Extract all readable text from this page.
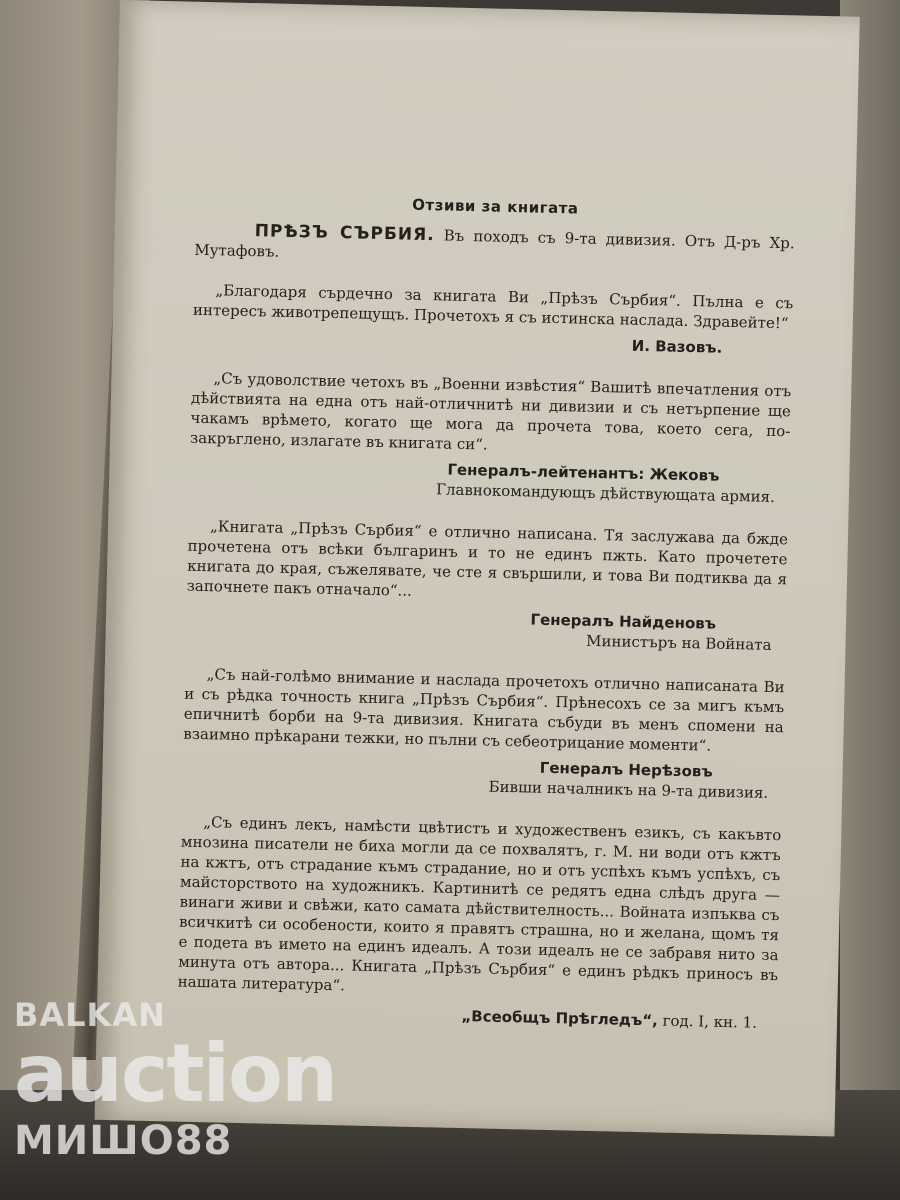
Отзиви за книгата

ПРѢЗЪ СЪРБИЯ. Въ походъ съ 9-та дивизия. Отъ Д-ръ Хр. Мутафовъ.

„Благодаря сърдечно за книгата Ви „Прѣзъ Сърбия“. Пълна е съ интересъ животрепещущъ. Прочетохъ я съ истинска наслада. Здравейте!“

И. Вазовъ.

„Съ удоволствие четохъ въ „Военни извѣстия“ Вашитѣ впечатления отъ дѣйствията на една отъ най-отличнитѣ ни дивизии и съ нетърпение ще чакамъ врѣмето, когато ще мога да прочета това, което сега, по-закръглено, излагате въ книгата си“.

Генералъ-лейтенантъ: Жековъ
Главнокомандующъ дѣйствующата армия.

„Книгата „Прѣзъ Сърбия“ е отлично написана. Тя заслужава да бжде прочетена отъ всѣки българинъ и то не единъ пжть. Като прочетете книгата до края, съжелявате, че сте я свършили, и това Ви подтиква да я започнете пакъ отначало“...

Генералъ Найденовъ
Министъръ на Войната

„Съ най-голѣмо внимание и наслада прочетохъ отлично написаната Ви и съ рѣдка точность книга „Прѣзъ Сърбия“. Прѣнесохъ се за мигъ къмъ епичнитѣ борби на 9-та дивизия. Книгата събуди въ менъ спомени на взаимно прѣкарани тежки, но пълни съ себеотрицание моменти“.

Генералъ Нерѣзовъ
Бивши началникъ на 9-та дивизия.

„Съ единъ лекъ, намѣсти цвѣтистъ и художественъ езикъ, съ какъвто мнозина писатели не биха могли да се похвалятъ, г. М. ни води отъ кжтъ на кжтъ, отъ страдание къмъ страдание, но и отъ успѣхъ къмъ успѣхъ, съ майсторството на художникъ. Картинитѣ се редятъ една слѣдъ друга — винаги живи и свѣжи, като самата дѣйствителность... Войната изпъква съ всичкитѣ си особености, които я правятъ страшна, но и желана, щомъ тя е подета въ името на единъ идеалъ. А този идеалъ не се забравя нито за минута отъ автора... Книгата „Прѣзъ Сърбия“ е единъ рѣдкъ приносъ въ нашата литература“.

„Всеобщъ Прѣгледъ“, год. I, кн. 1.
BALKAN
auction
МИШО88
